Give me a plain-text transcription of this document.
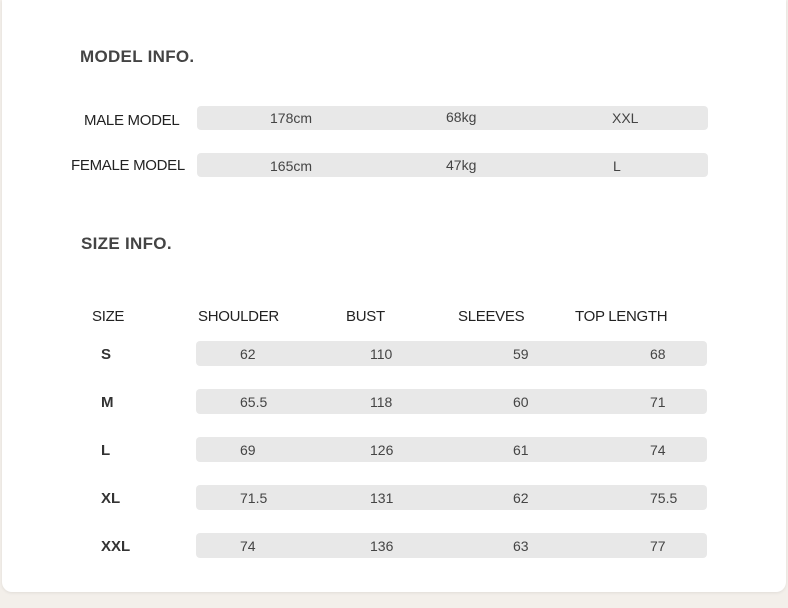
MODEL INFO.
MALE MODEL	178cm	68kg	XXL
FEMALE MODEL	165cm	47kg	L
SIZE INFO.
SIZE	SHOULDER	BUST	SLEEVES	TOP LENGTH
S	62	110	59	68
M	65.5	118	60	71
L	69	126	61	74
XL	71.5	131	62	75.5
XXL	74	136	63	77
